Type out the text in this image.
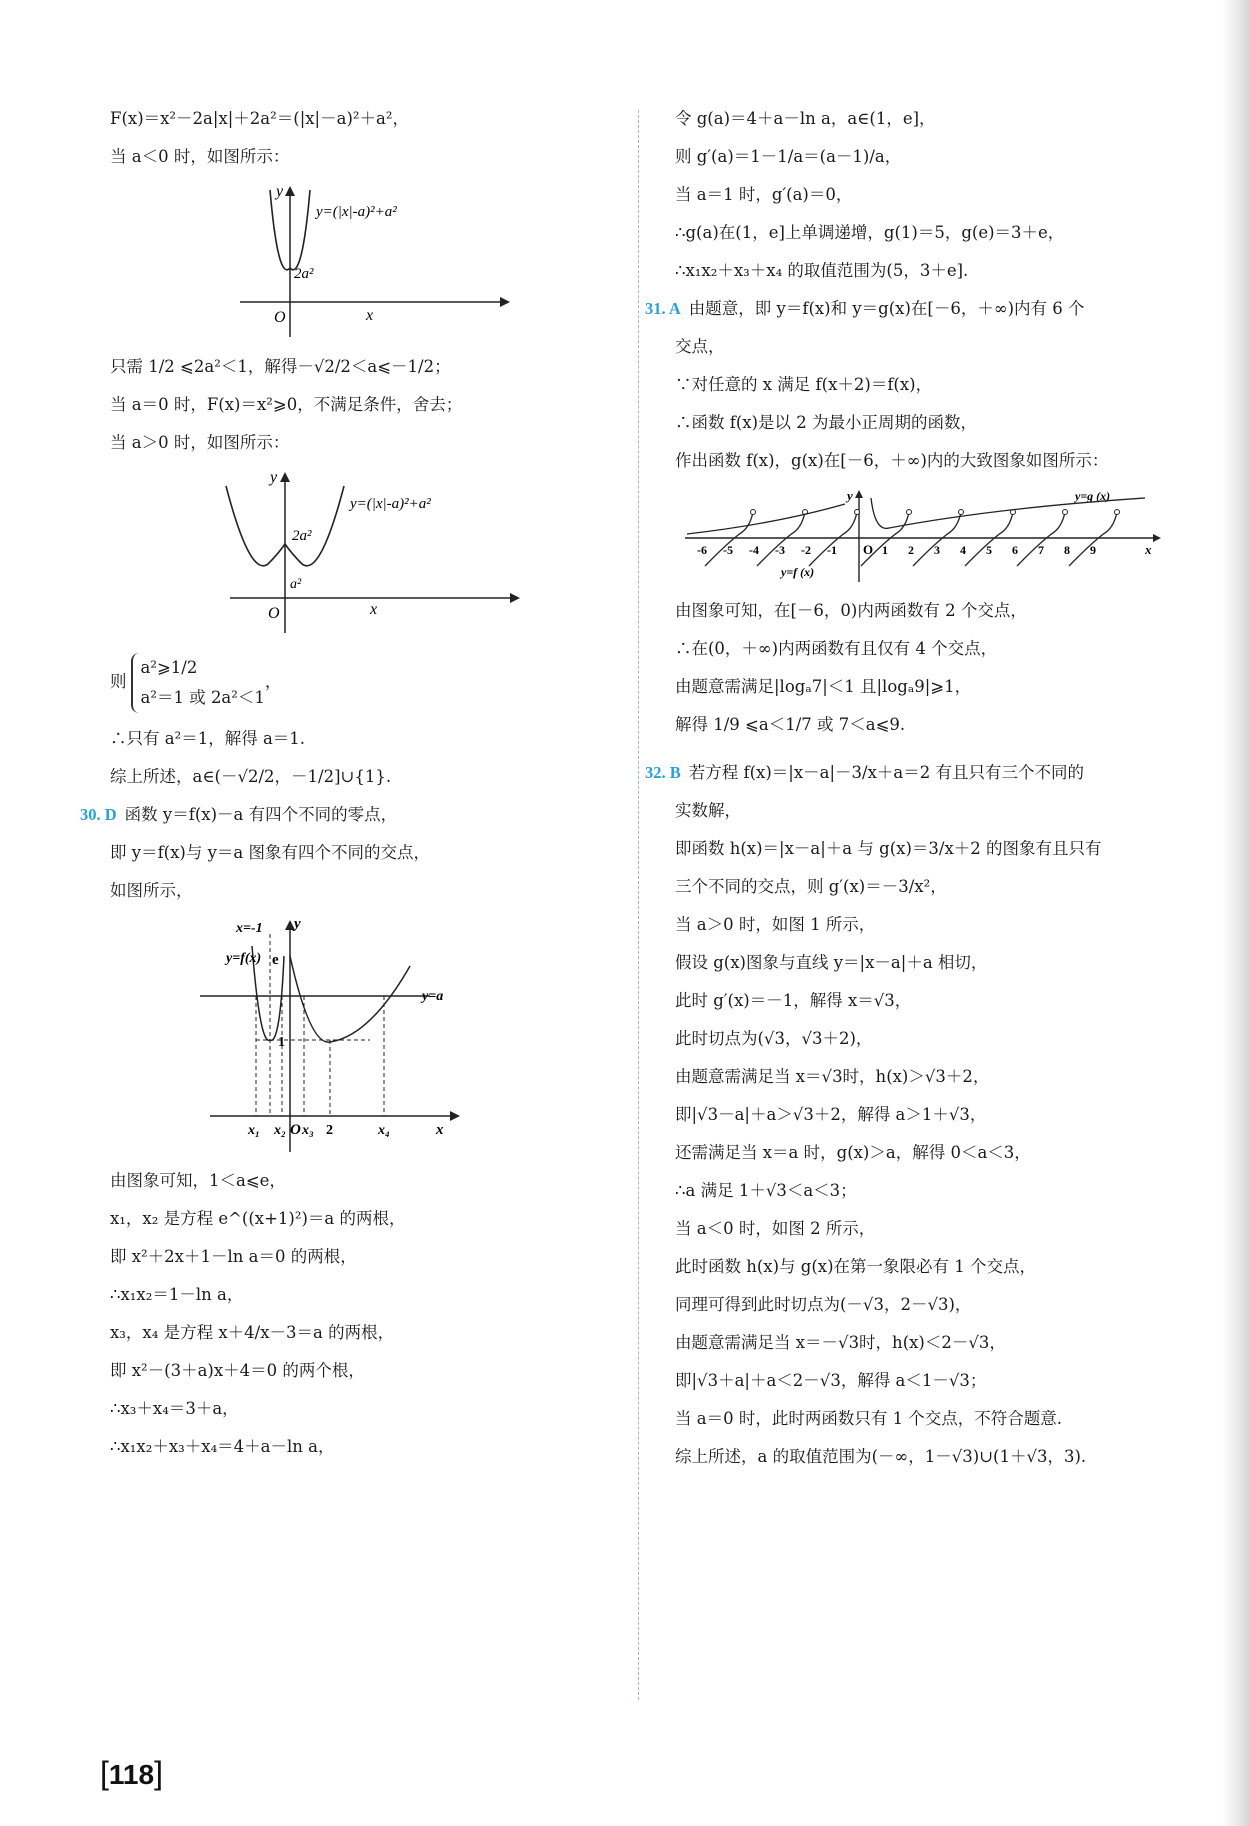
F(x)＝x²－2a|x|＋2a²＝(|x|－a)²＋a²，
当 a＜0 时，如图所示：
y
x
O
y=(|x|-a)²+a²
2a²
只需 1/2 ⩽2a²＜1，解得－√2/2＜a⩽－1/2；
当 a＝0 时，F(x)＝x²⩾0，不满足条件，舍去；
当 a＞0 时，如图所示：
y
x
O
y=(|x|-a)²+a²
2a²
a²
则
a²⩾1/2
a²＝1 或 2a²＜1
，
∴只有 a²＝1，解得 a＝1.
综上所述，a∈(－√2/2，－1/2]∪{1}.
30. D 函数 y＝f(x)－a 有四个不同的零点，
即 y＝f(x)与 y＝a 图象有四个不同的交点，
如图所示，
x=-1 y
y=f(x) e
y=a
1
x₁ x₂ O x₃ 2	x₄	x
由图象可知，1＜a⩽e，
x₁，x₂ 是方程 e^((x+1)²)＝a 的两根，
即 x²＋2x＋1－ln a＝0 的两根，
∴x₁x₂＝1－ln a，
x₃，x₄ 是方程 x＋4/x－3＝a 的两根，
即 x²－(3＋a)x＋4＝0 的两个根，
∴x₃＋x₄＝3＋a，
∴x₁x₂＋x₃＋x₄＝4＋a－ln a，
令 g(a)＝4＋a－ln a，a∈(1，e]，
则 g′(a)＝1－1/a＝(a－1)/a，
当 a＝1 时，g′(a)＝0，
∴g(a)在(1，e]上单调递增，g(1)＝5，g(e)＝3＋e，
∴x₁x₂＋x₃＋x₄ 的取值范围为(5，3＋e].
31. A 由题意，即 y＝f(x)和 y＝g(x)在[－6，＋∞)内有 6 个
交点，
∵对任意的 x 满足 f(x＋2)＝f(x)，
∴函数 f(x)是以 2 为最小正周期的函数，
作出函数 f(x)，g(x)在[－6，＋∞)内的大致图象如图所示：
y
x
y=g (x)
y=f (x)
O
-6 -5 -4 -3 -2 -1	1 2 3 4 5 6 7 8 9
由图象可知，在[－6，0)内两函数有 2 个交点，
∴在(0，＋∞)内两函数有且仅有 4 个交点，
由题意需满足|logₐ7|＜1 且|logₐ9|⩾1，
解得 1/9 ⩽a＜1/7 或 7＜a⩽9.
32. B 若方程 f(x)＝|x－a|－3/x＋a＝2 有且只有三个不同的
实数解，
即函数 h(x)＝|x－a|＋a 与 g(x)＝3/x＋2 的图象有且只有
三个不同的交点，则 g′(x)＝－3/x²，
当 a＞0 时，如图 1 所示，
假设 g(x)图象与直线 y＝|x－a|＋a 相切，
此时 g′(x)＝－1，解得 x＝√3，
此时切点为(√3，√3＋2)，
由题意需满足当 x＝√3时，h(x)＞√3＋2，
即|√3－a|＋a＞√3＋2，解得 a＞1＋√3，
还需满足当 x＝a 时，g(x)＞a，解得 0＜a＜3，
∴a 满足 1＋√3＜a＜3；
当 a＜0 时，如图 2 所示，
此时函数 h(x)与 g(x)在第一象限必有 1 个交点，
同理可得到此时切点为(－√3，2－√3)，
由题意需满足当 x＝－√3时，h(x)＜2－√3，
即|√3＋a|＋a＜2－√3，解得 a＜1－√3；
当 a＝0 时，此时两函数只有 1 个交点，不符合题意.
综上所述，a 的取值范围为(－∞，1－√3)∪(1＋√3，3).
[118]
